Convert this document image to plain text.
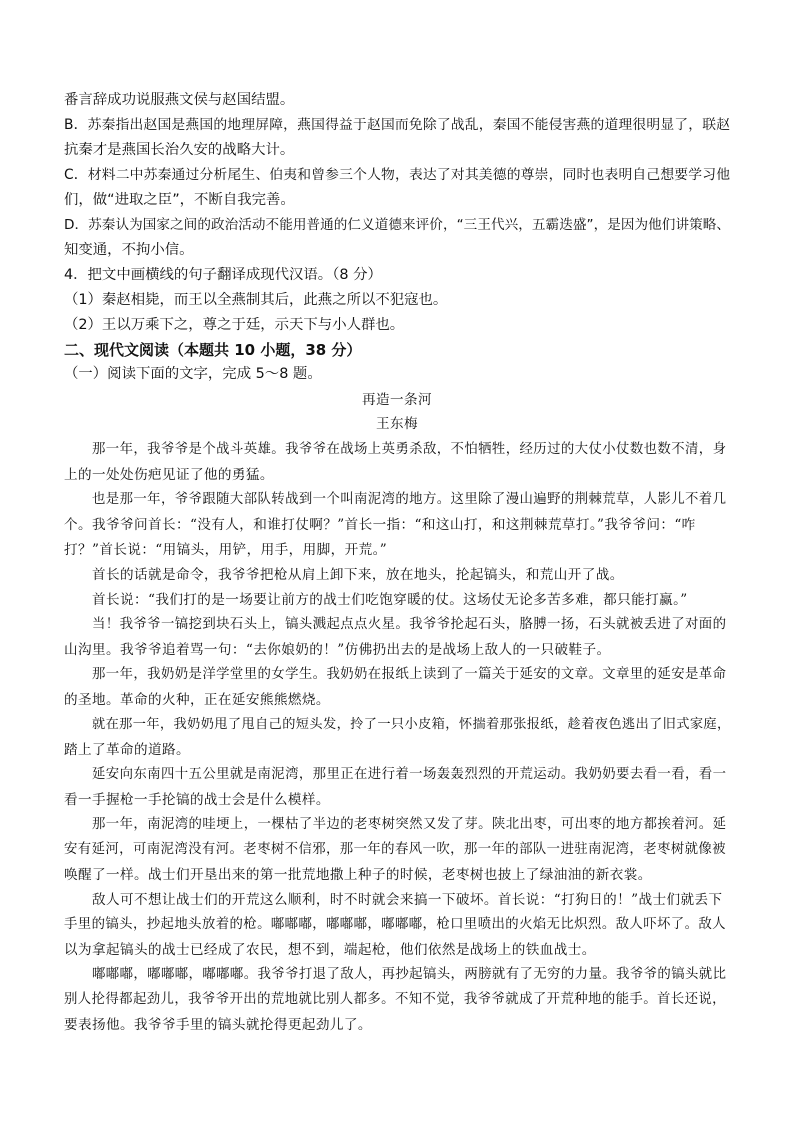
番言辞成功说服燕文侯与赵国结盟。
B．苏秦指出赵国是燕国的地理屏障，燕国得益于赵国而免除了战乱，秦国不能侵害燕的道理很明显了，联赵
抗秦才是燕国长治久安的战略大计。
C．材料二中苏秦通过分析尾生、伯夷和曾参三个人物，表达了对其美德的尊崇，同时也表明自己想要学习他
们，做“进取之臣”，不断自我完善。
D．苏秦认为国家之间的政治活动不能用普通的仁义道德来评价，“三王代兴，五霸迭盛”，是因为他们讲策略、
知变通，不拘小信。
4．把文中画横线的句子翻译成现代汉语。（8 分）
（1）秦赵相毙，而王以全燕制其后，此燕之所以不犯寇也。
（2）王以万乘下之，尊之于廷，示天下与小人群也。
二、现代文阅读（本题共 10 小题，38 分）
（一）阅读下面的文字，完成 5～8 题。
再造一条河
王东梅
那一年，我爷爷是个战斗英雄。我爷爷在战场上英勇杀敌，不怕牺牲，经历过的大仗小仗数也数不清，身
上的一处处伤疤见证了他的勇猛。
也是那一年，爷爷跟随大部队转战到一个叫南泥湾的地方。这里除了漫山遍野的荆棘荒草，人影儿不着几
个。我爷爷问首长：“没有人，和谁打仗啊？”首长一指：“和这山打，和这荆棘荒草打。”我爷爷问：“咋
打？”首长说：“用镐头，用铲，用手，用脚，开荒。”
首长的话就是命令，我爷爷把枪从肩上卸下来，放在地头，抡起镐头，和荒山开了战。
首长说：“我们打的是一场要让前方的战士们吃饱穿暖的仗。这场仗无论多苦多难，都只能打赢。”
当！我爷爷一镐挖到块石头上，镐头溅起点点火星。我爷爷抡起石头，胳膊一扬，石头就被丢进了对面的
山沟里。我爷爷追着骂一句：“去你娘奶的！”仿佛扔出去的是战场上敌人的一只破鞋子。
那一年，我奶奶是洋学堂里的女学生。我奶奶在报纸上读到了一篇关于延安的文章。文章里的延安是革命
的圣地。革命的火种，正在延安熊熊燃烧。
就在那一年，我奶奶甩了甩自己的短头发，拎了一只小皮箱，怀揣着那张报纸，趁着夜色逃出了旧式家庭，
踏上了革命的道路。
延安向东南四十五公里就是南泥湾，那里正在进行着一场轰轰烈烈的开荒运动。我奶奶要去看一看，看一
看一手握枪一手抡镐的战士会是什么模样。
那一年，南泥湾的哇埂上，一棵枯了半边的老枣树突然又发了芽。陕北出枣，可出枣的地方都挨着河。延
安有延河，可南泥湾没有河。老枣树不信邪，那一年的春风一吹，那一年的部队一进驻南泥湾，老枣树就像被
唤醒了一样。战士们开垦出来的第一批荒地撒上种子的时候，老枣树也披上了绿油油的新衣裳。
敌人可不想让战士们的开荒这么顺利，时不时就会来搞一下破坏。首长说：“打狗日的！”战士们就丢下
手里的镐头，抄起地头放着的枪。嘟嘟嘟，嘟嘟嘟，嘟嘟嘟，枪口里喷出的火焰无比炽烈。敌人吓坏了。敌人
以为拿起镐头的战士已经成了农民，想不到，端起枪，他们依然是战场上的铁血战士。
嘟嘟嘟，嘟嘟嘟，嘟嘟嘟。我爷爷打退了敌人，再抄起镐头，两膀就有了无穷的力量。我爷爷的镐头就比
别人抡得都起劲儿，我爷爷开出的荒地就比别人都多。不知不觉，我爷爷就成了开荒种地的能手。首长还说，
要表扬他。我爷爷手里的镐头就抡得更起劲儿了。
